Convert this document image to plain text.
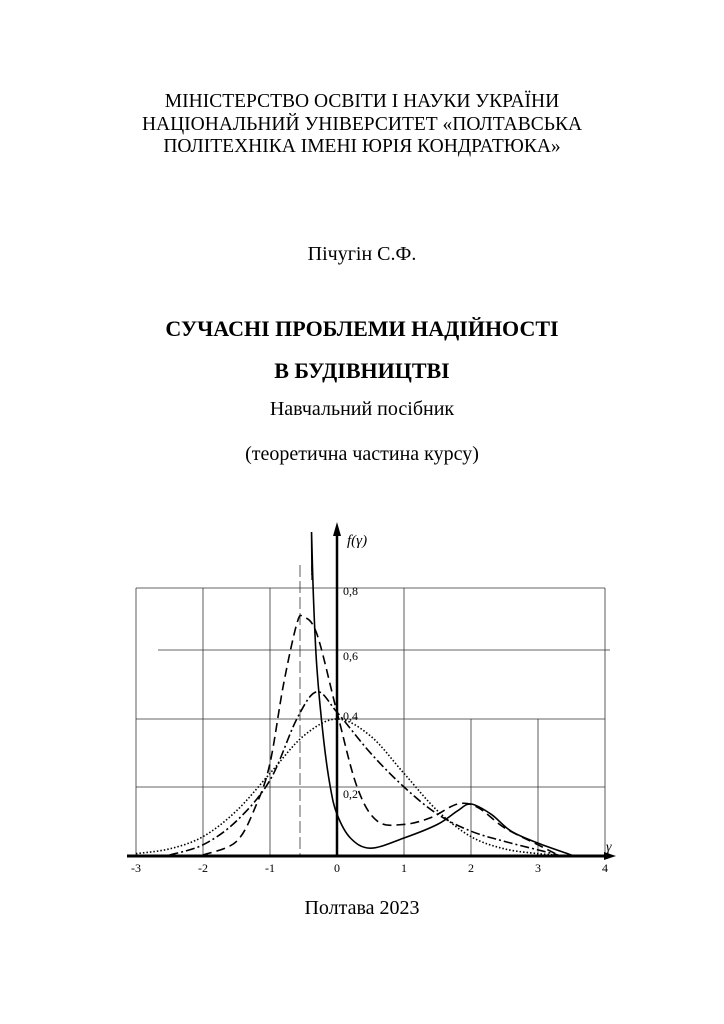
МІНІСТЕРСТВО ОСВІТИ І НАУКИ УКРАЇНИ
НАЦІОНАЛЬНИЙ УНІВЕРСИТЕТ «ПОЛТАВСЬКА
ПОЛІТЕХНІКА ІМЕНІ ЮРІЯ КОНДРАТЮКА»
Пічугін С.Ф.
СУЧАСНІ ПРОБЛЕМИ НАДІЙНОСТІ
В БУДІВНИЦТВІ
Навчальний посібник
(теоретична частина курсу)
Полтава 2023
-3	-2	-1	0	1	2	3	4
0,2
0,4
0,6
0,8
f(γ)
γ
